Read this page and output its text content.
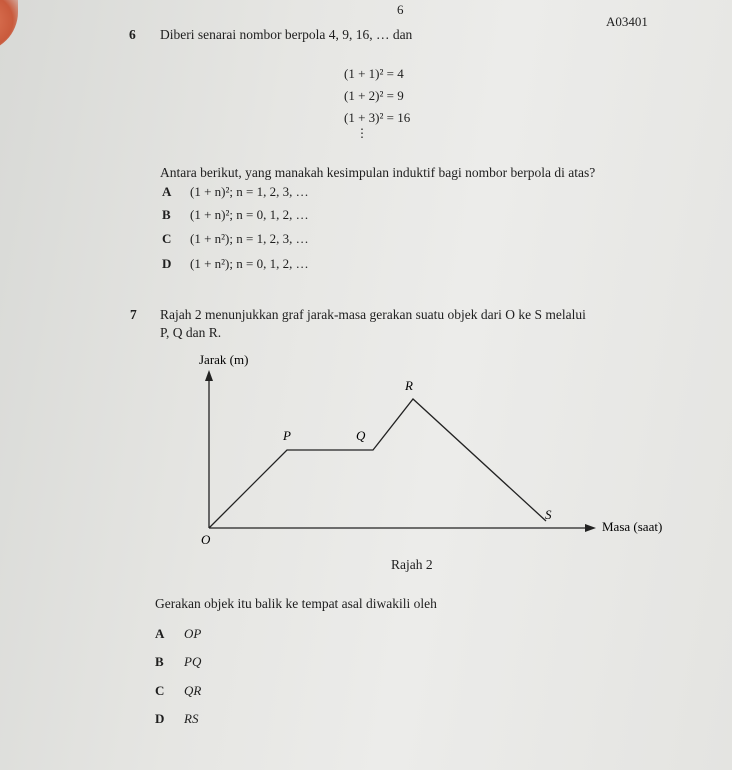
6
A03401
6 Diberi senarai nombor berpola 4, 9, 16, … dan
(1 + 1)² = 4
(1 + 2)² = 9
(1 + 3)² = 16
⋮
Antara berikut, yang manakah kesimpulan induktif bagi nombor berpola di atas?
A (1 + n)²; n = 1, 2, 3, …
B (1 + n)²; n = 0, 1, 2, …
C (1 + n²); n = 1, 2, 3, …
D (1 + n²); n = 0, 1, 2, …
7 Rajah 2 menunjukkan graf jarak-masa gerakan suatu objek dari O ke S melalui
P, Q dan R.
Jarak (m)
Masa (saat)
O
P	Q
R
S
Rajah 2
Gerakan objek itu balik ke tempat asal diwakili oleh
A OP
B PQ
C QR
D RS
